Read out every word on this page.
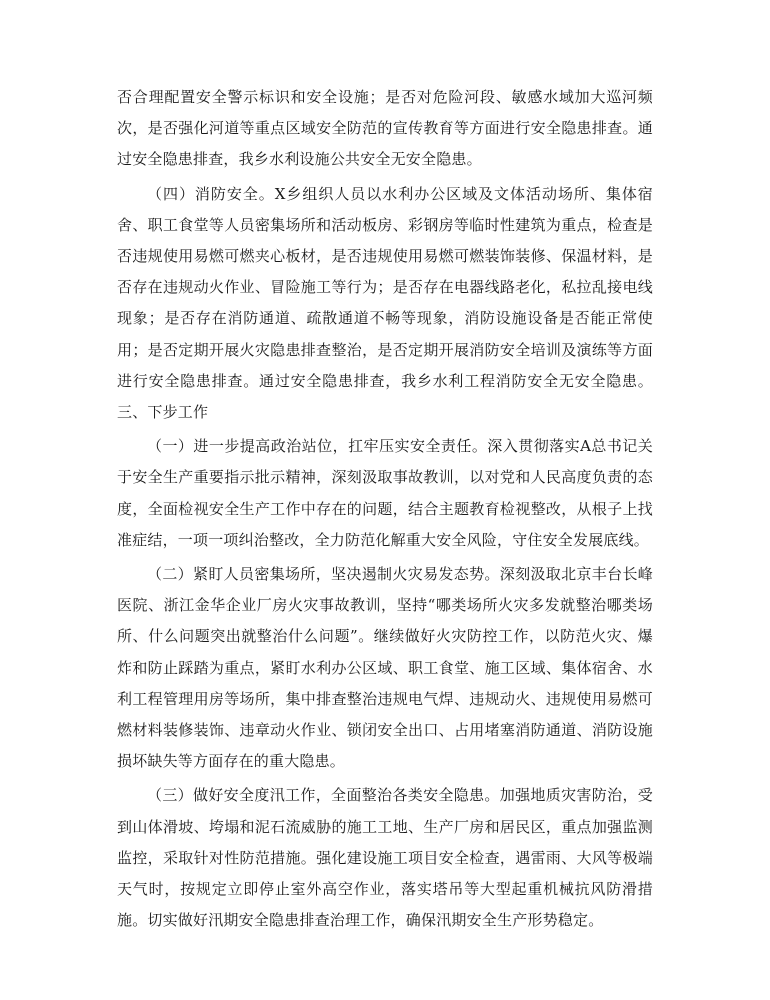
否合理配置安全警示标识和安全设施；是否对危险河段、敏感水域加大巡河频次，是否强化河道等重点区域安全防范的宣传教育等方面进行安全隐患排查。通过安全隐患排查，我乡水利设施公共安全无安全隐患。

（四）消防安全。X乡组织人员以水利办公区域及文体活动场所、集体宿舍、职工食堂等人员密集场所和活动板房、彩钢房等临时性建筑为重点，检查是否违规使用易燃可燃夹心板材，是否违规使用易燃可燃装饰装修、保温材料，是否存在违规动火作业、冒险施工等行为；是否存在电器线路老化，私拉乱接电线现象；是否存在消防通道、疏散通道不畅等现象，消防设施设备是否能正常使用；是否定期开展火灾隐患排查整治，是否定期开展消防安全培训及演练等方面进行安全隐患排查。通过安全隐患排查，我乡水利工程消防安全无安全隐患。三、下步工作

（一）进一步提高政治站位，扛牢压实安全责任。深入贯彻落实A总书记关于安全生产重要指示批示精神，深刻汲取事故教训，以对党和人民高度负责的态度，全面检视安全生产工作中存在的问题，结合主题教育检视整改，从根子上找准症结，一项一项纠治整改，全力防范化解重大安全风险，守住安全发展底线。

（二）紧盯人员密集场所，坚决遏制火灾易发态势。深刻汲取北京丰台长峰医院、浙江金华企业厂房火灾事故教训，坚持“哪类场所火灾多发就整治哪类场所、什么问题突出就整治什么问题”。继续做好火灾防控工作，以防范火灾、爆炸和防止踩踏为重点，紧盯水利办公区域、职工食堂、施工区域、集体宿舍、水利工程管理用房等场所，集中排查整治违规电气焊、违规动火、违规使用易燃可燃材料装修装饰、违章动火作业、锁闭安全出口、占用堵塞消防通道、消防设施损坏缺失等方面存在的重大隐患。

（三）做好安全度汛工作，全面整治各类安全隐患。加强地质灾害防治，受到山体滑坡、垮塌和泥石流威胁的施工工地、生产厂房和居民区，重点加强监测监控，采取针对性防范措施。强化建设施工项目安全检查，遇雷雨、大风等极端天气时，按规定立即停止室外高空作业，落实塔吊等大型起重机械抗风防滑措施。切实做好汛期安全隐患排查治理工作，确保汛期安全生产形势稳定。
